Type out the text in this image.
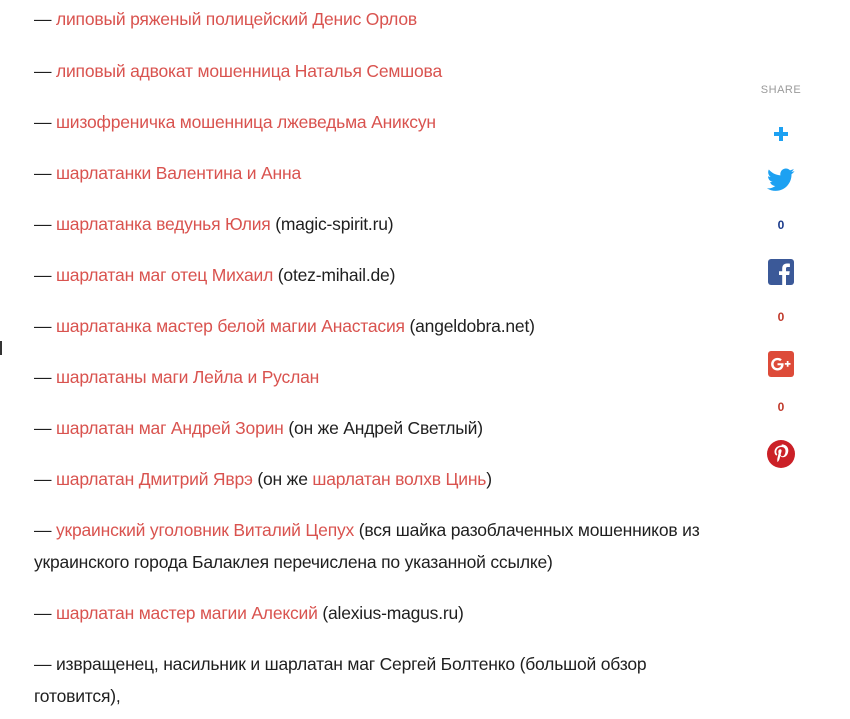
— липовый ряженый полицейский Денис Орлов
— липовый адвокат мошенница Наталья Семшова
— шизофреничка мошенница лжеведьма Аниксун
— шарлатанки Валентина и Анна
— шарлатанка ведунья Юлия (magic-spirit.ru)
— шарлатан маг отец Михаил (otez-mihail.de)
— шарлатанка мастер белой магии Анастасия (angeldobra.net)
— шарлатаны маги Лейла и Руслан
— шарлатан маг Андрей Зорин (он же Андрей Светлый)
— шарлатан Дмитрий Яврэ (он же шарлатан волхв Цинь)
— украинский уголовник Виталий Цепух (вся шайка разоблаченных мошенников из украинского города Балаклея перечислена по указанной ссылке)
— шарлатан мастер магии Алексий (alexius-magus.ru)
— извращенец, насильник и шарлатан маг Сергей Болтенко (большой обзор готовится),
SHARE
0
0
0
